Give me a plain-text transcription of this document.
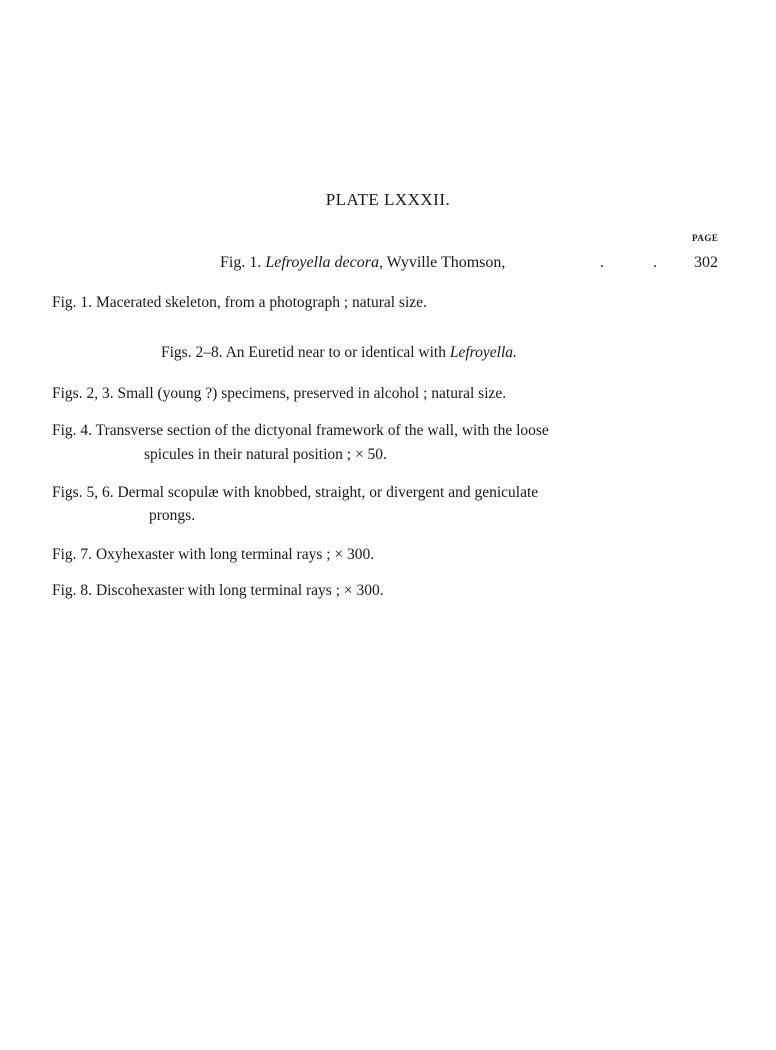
PLATE LXXXII.
PAGE
Fig. 1. Lefroyella decora, Wyville Thomson,	. . 302
Fig. 1. Macerated skeleton, from a photograph ; natural size.
Figs. 2–8. An Euretid near to or identical with Lefroyella.
Figs. 2, 3. Small (young ?) specimens, preserved in alcohol ; natural size.
Fig. 4. Transverse section of the dictyonal framework of the wall, with the loose
spicules in their natural position ; × 50.
Figs. 5, 6. Dermal scopulæ with knobbed, straight, or divergent and geniculate
prongs.
Fig. 7. Oxyhexaster with long terminal rays ; × 300.
Fig. 8. Discohexaster with long terminal rays ; × 300.
